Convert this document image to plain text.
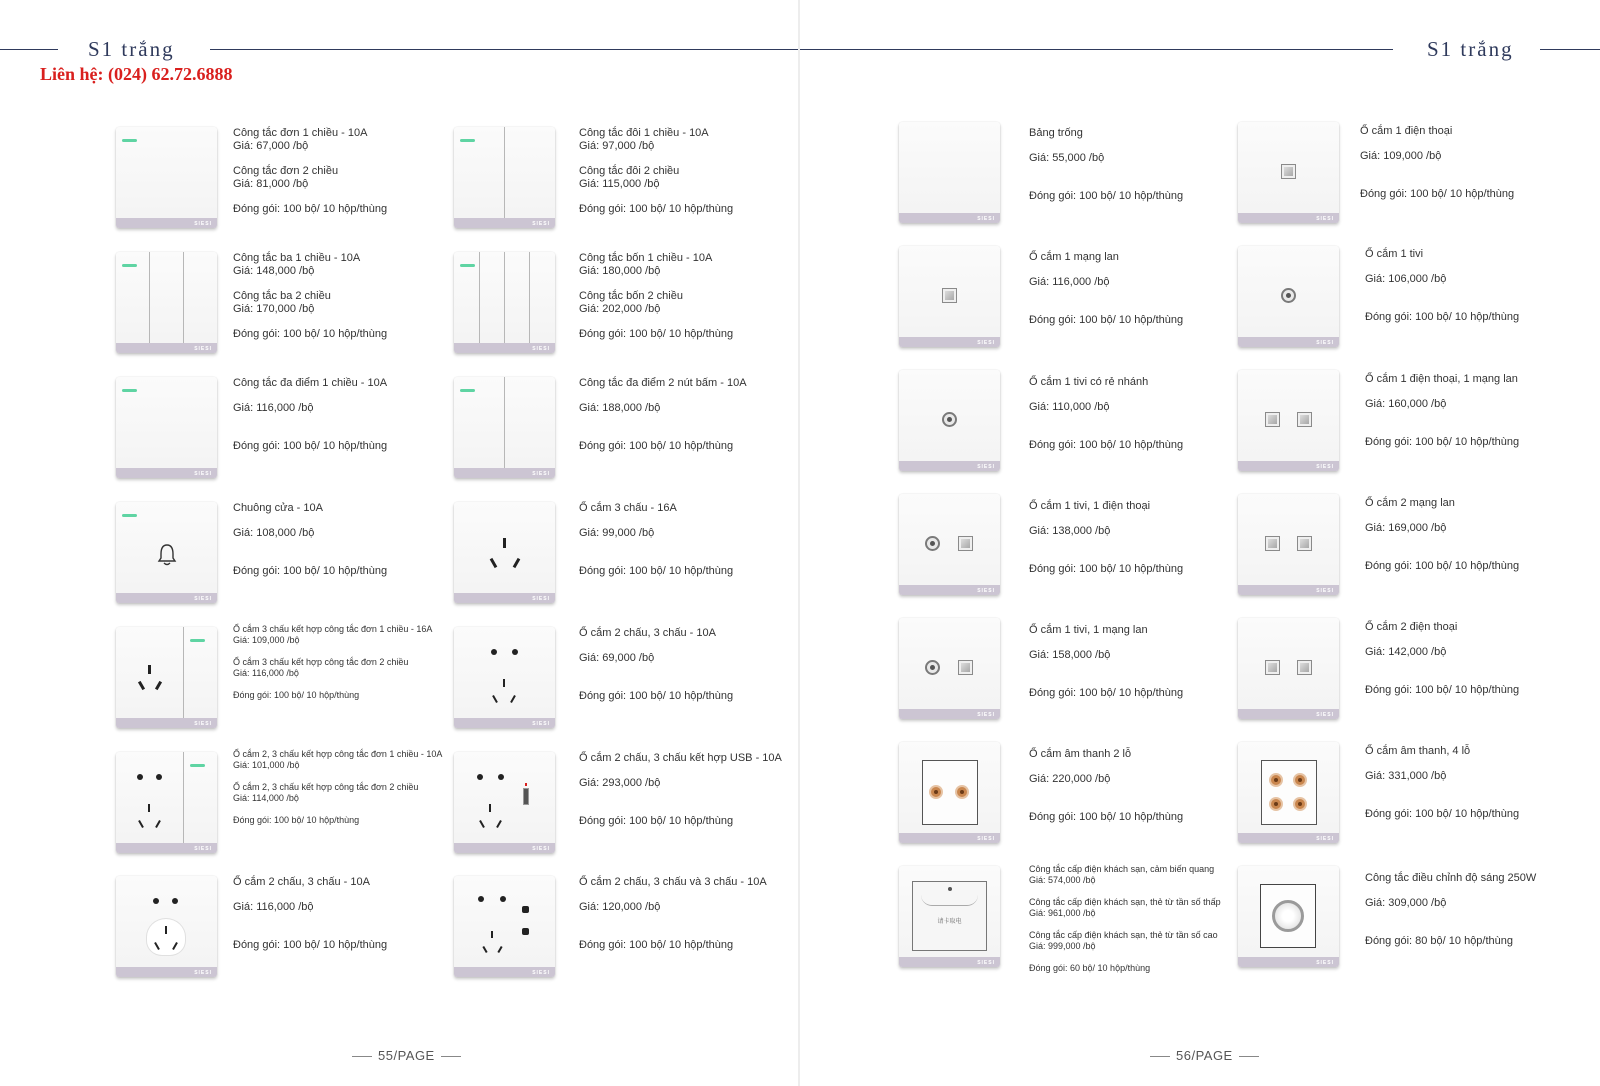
S1 trắng
Liên hệ: (024) 62.72.6888
SIESI

Công tắc đơn 1 chiều - 10A

Giá: 67,000 /bộ

Công tắc đơn 2 chiều

Giá: 81,000 /bộ

Đóng gói: 100 bộ/ 10 hộp/thùng

SIESI

Công tắc đôi 1 chiều - 10A

Giá: 97,000 /bộ

Công tắc đôi 2 chiều

Giá: 115,000 /bộ

Đóng gói: 100 bộ/ 10 hộp/thùng

SIESI

Công tắc ba 1 chiều - 10A

Giá: 148,000 /bộ

Công tắc ba 2 chiều

Giá: 170,000 /bộ

Đóng gói: 100 bộ/ 10 hộp/thùng

SIESI

Công tắc bốn 1 chiều - 10A

Giá: 180,000 /bộ

Công tắc bốn 2 chiều

Giá: 202,000 /bộ

Đóng gói: 100 bộ/ 10 hộp/thùng

SIESI

Công tắc đa điểm 1 chiều - 10A

Giá: 116,000 /bộ

Đóng gói: 100 bộ/ 10 hộp/thùng

SIESI

Công tắc đa điểm 2 nút bấm - 10A

Giá: 188,000 /bộ

Đóng gói: 100 bộ/ 10 hộp/thùng

SIESI

Chuông cửa - 10A

Giá: 108,000 /bộ

Đóng gói: 100 bộ/ 10 hộp/thùng

SIESI

Ổ cắm 3 chấu - 16A

Giá: 99,000 /bộ

Đóng gói: 100 bộ/ 10 hộp/thùng

SIESI

Ổ cắm 3 chấu kết hợp công tắc đơn 1 chiều - 16A

Giá: 109,000 /bộ

Ổ cắm 3 chấu kết hợp công tắc đơn 2 chiều

Giá: 116,000 /bộ

Đóng gói: 100 bộ/ 10 hộp/thùng

SIESI

Ổ cắm 2 chấu, 3 chấu - 10A

Giá: 69,000 /bộ

Đóng gói: 100 bộ/ 10 hộp/thùng

SIESI

Ổ cắm 2, 3 chấu kết hợp công tắc đơn 1 chiều - 10A

Giá: 101,000 /bộ

Ổ cắm 2, 3 chấu kết hợp công tắc đơn 2 chiều

Giá: 114,000 /bộ

Đóng gói: 100 bộ/ 10 hộp/thùng

SIESI

Ổ cắm 2 chấu, 3 chấu kết hợp USB - 10A

Giá: 293,000 /bộ

Đóng gói: 100 bộ/ 10 hộp/thùng

SIESI

Ổ cắm 2 chấu, 3 chấu - 10A

Giá: 116,000 /bộ

Đóng gói: 100 bộ/ 10 hộp/thùng

SIESI

Ổ cắm 2 chấu, 3 chấu và 3 chấu - 10A

Giá: 120,000 /bộ

Đóng gói: 100 bộ/ 10 hộp/thùng

55/PAGE
S1 trắng
SIESI

Bảng trống

Giá: 55,000 /bộ

Đóng gói: 100 bộ/ 10 hộp/thùng

SIESI

Ổ cắm 1 điện thoại

Giá: 109,000 /bộ

Đóng gói: 100 bộ/ 10 hộp/thùng

SIESI

Ổ cắm 1 mạng lan

Giá: 116,000 /bộ

Đóng gói: 100 bộ/ 10 hộp/thùng

SIESI

Ổ cắm 1 tivi

Giá: 106,000 /bộ

Đóng gói: 100 bộ/ 10 hộp/thùng

SIESI

Ổ cắm 1 tivi có rẻ nhánh

Giá: 110,000 /bộ

Đóng gói: 100 bộ/ 10 hộp/thùng

SIESI

Ổ cắm 1 điện thoại, 1 mạng lan

Giá: 160,000 /bộ

Đóng gói: 100 bộ/ 10 hộp/thùng

SIESI

Ổ cắm 1 tivi, 1 điện thoại

Giá: 138,000 /bộ

Đóng gói: 100 bộ/ 10 hộp/thùng

SIESI

Ổ cắm 2 mạng lan

Giá: 169,000 /bộ

Đóng gói: 100 bộ/ 10 hộp/thùng

SIESI

Ổ cắm 1 tivi, 1 mạng lan

Giá: 158,000 /bộ

Đóng gói: 100 bộ/ 10 hộp/thùng

SIESI

Ổ cắm 2 điện thoại

Giá: 142,000 /bộ

Đóng gói: 100 bộ/ 10 hộp/thùng

SIESI

Ổ cắm âm thanh 2 lỗ

Giá: 220,000 /bộ

Đóng gói: 100 bộ/ 10 hộp/thùng

SIESI

Ổ cắm âm thanh, 4 lỗ

Giá: 331,000 /bộ

Đóng gói: 100 bộ/ 10 hộp/thùng

请卡取电
SIESI

Công tắc cấp điện khách sạn, cảm biến quang

Giá: 574,000 /bộ

Công tắc cấp điện khách sạn, thẻ từ tần số thấp

Giá: 961,000 /bộ

Công tắc cấp điện khách sạn, thẻ từ tần số cao

Giá: 999,000 /bộ

Đóng gói: 60 bộ/ 10 hộp/thùng	SIESI

Công tắc điều chỉnh độ sáng 250W

Giá: 309,000 /bộ

Đóng gói: 80 bộ/ 10 hộp/thùng

56/PAGE
